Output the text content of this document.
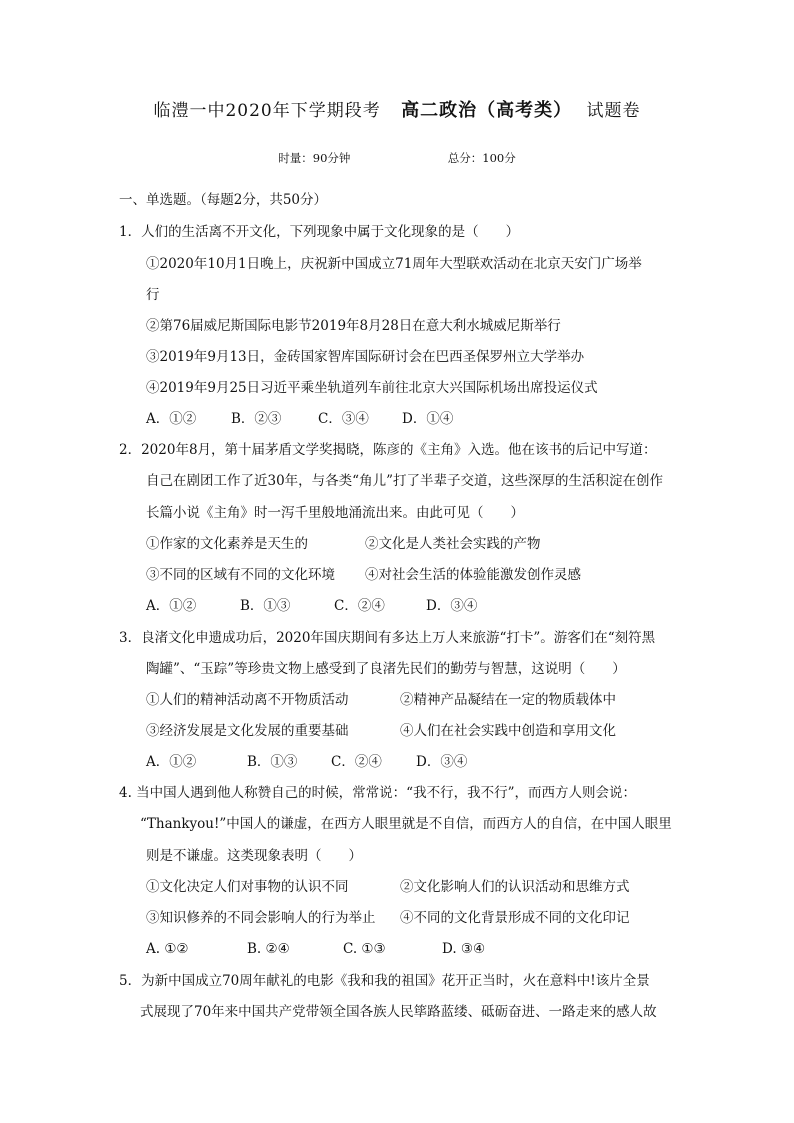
临澧一中2020年下学期段考 高二政治（高考类） 试题卷
时量：90分钟	总分：100分
一、单选题。（每题2分，共50分）
1．人们的生活离不开文化，下列现象中属于文化现象的是（　　）
①2020年10月1日晚上，庆祝新中国成立71周年大型联欢活动在北京天安门广场举
行
②第76届威尼斯国际电影节2019年8月28日在意大利水城威尼斯举行
③2019年9月13日，金砖国家智库国际研讨会在巴西圣保罗州立大学举办
④2019年9月25日习近平乘坐轨道列车前往北京大兴国际机场出席投运仪式
A．①②	B．②③	C．③④ D．①④
2．2020年8月，第十届茅盾文学奖揭晓，陈彦的《主角》入选。他在该书的后记中写道：
自己在剧团工作了近30年，与各类“角儿”打了半辈子交道，这些深厚的生活积淀在创作
长篇小说《主角》时一泻千里般地涌流出来。由此可见（　　）
①作家的文化素养是天生的	②文化是人类社会实践的产物
③不同的区域有不同的文化环境 ④对社会生活的体验能激发创作灵感
A．①②	B．①③	C．②④	D．③④
3．良渚文化申遗成功后，2020年国庆期间有多达上万人来旅游“打卡”。游客们在“刻符黑
陶罐”、“玉踪”等珍贵文物上感受到了良渚先民们的勤劳与智慧，这说明（　　）
①人们的精神活动离不开物质活动	②精神产品凝结在一定的物质载体中
③经济发展是文化发展的重要基础	④人们在社会实践中创造和享用文化
A．①②	B．①③ C．②④	D．③④
4. 当中国人遇到他人称赞自己的时候，常常说：“我不行，我不行”，而西方人则会说：
“Thankyou!”中国人的谦虚，在西方人眼里就是不自信，而西方人的自信，在中国人眼里
则是不谦虚。这类现象表明（　　）
①文化决定人们对事物的认识不同	②文化影响人们的认识活动和思维方式
③知识修养的不同会影响人的行为举止 ④不同的文化背景形成不同的文化印记
A. ①②	B. ②④	C. ①③	D. ③④
5．为新中国成立70周年献礼的电影《我和我的祖国》花开正当时，火在意料中!该片全景
式展现了70年来中国共产党带领全国各族人民筚路蓝缕、砥砺奋进、一路走来的感人故
